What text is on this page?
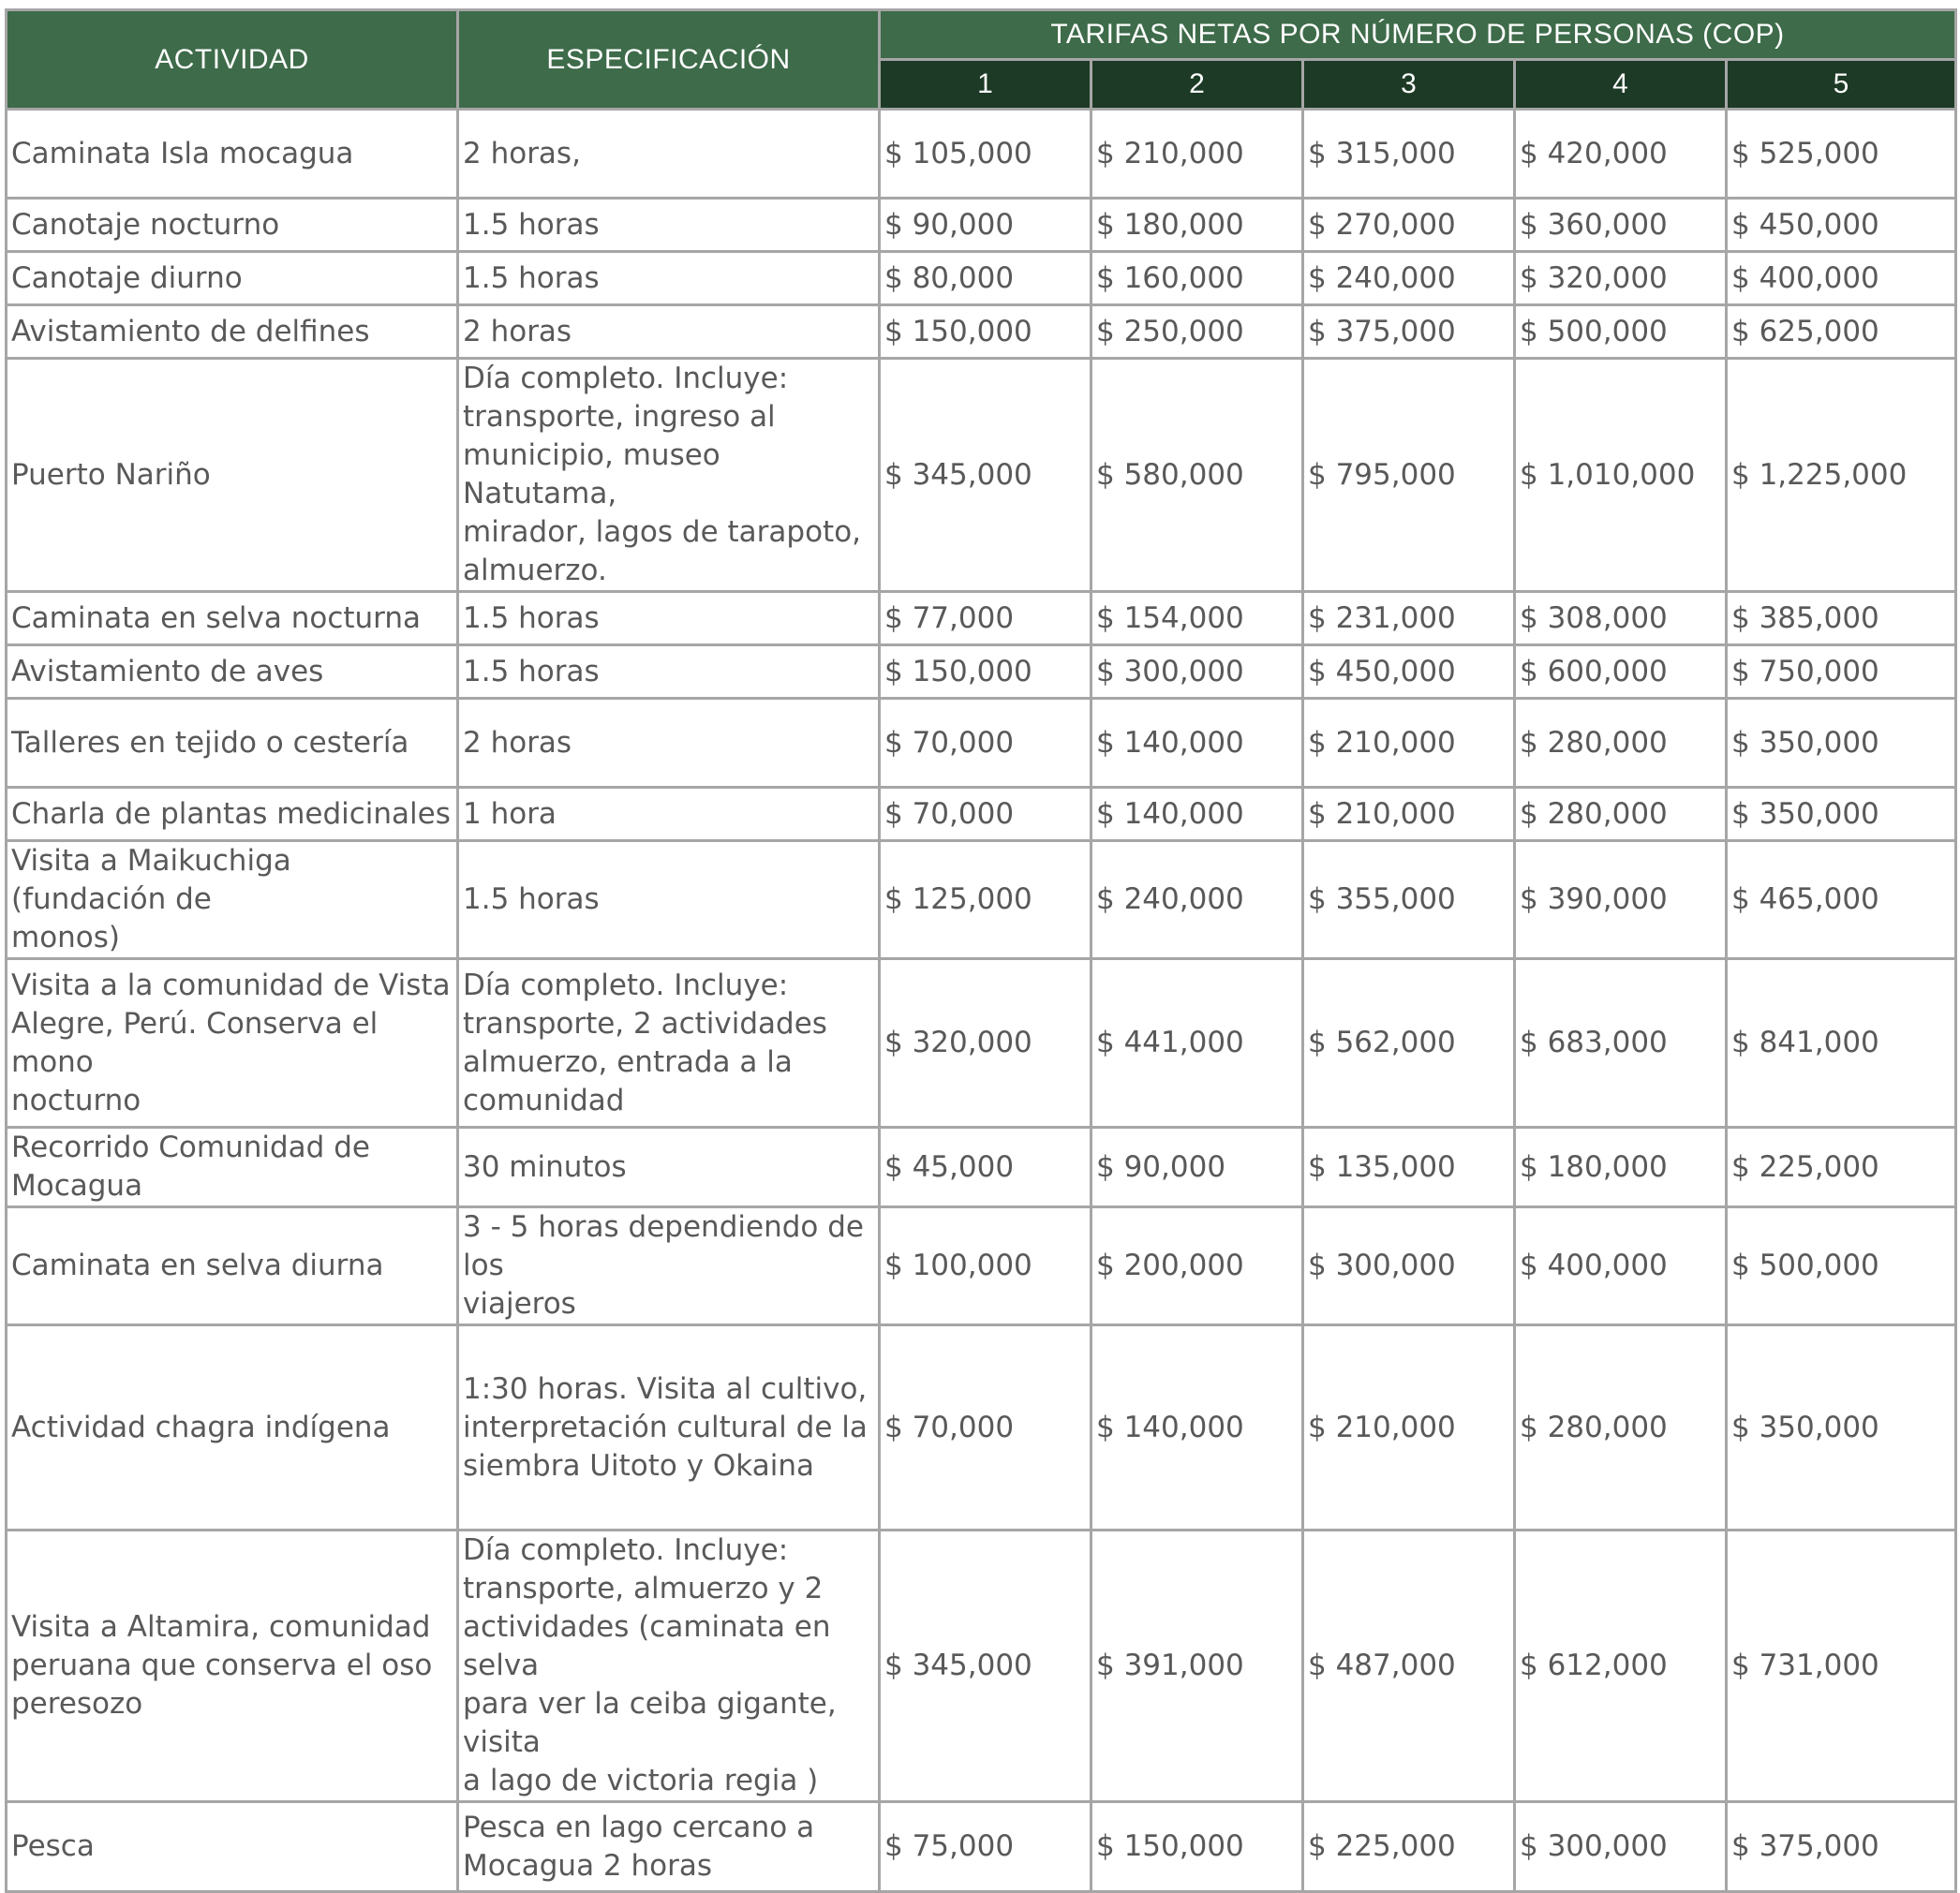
ACTIVIDAD	ESPECIFICACIÓN	TARIFAS NETAS POR NÚMERO DE PERSONAS (COP)				
		1	2	3	4	5
Caminata Isla mocagua	2 horas,	$ 105,000	$ 210,000	$ 315,000	$ 420,000	$ 525,000
Canotaje nocturno	1.5 horas	$ 90,000	$ 180,000	$ 270,000	$ 360,000	$ 450,000
Canotaje diurno	1.5 horas	$ 80,000	$ 160,000	$ 240,000	$ 320,000	$ 400,000
Avistamiento de delfines	2 horas	$ 150,000	$ 250,000	$ 375,000	$ 500,000	$ 625,000
Puerto Nariño	Día completo. Incluye:
transporte, ingreso al
municipio, museo Natutama,
mirador, lagos de tarapoto,
almuerzo.	$ 345,000	$ 580,000	$ 795,000	$ 1,010,000	$ 1,225,000
Caminata en selva nocturna	1.5 horas	$ 77,000	$ 154,000	$ 231,000	$ 308,000	$ 385,000
Avistamiento de aves	1.5 horas	$ 150,000	$ 300,000	$ 450,000	$ 600,000	$ 750,000
Talleres en tejido o cestería	2 horas	$ 70,000	$ 140,000	$ 210,000	$ 280,000	$ 350,000
Charla de plantas medicinales	1 hora	$ 70,000	$ 140,000	$ 210,000	$ 280,000	$ 350,000
Visita a Maikuchiga (fundación de
monos)	1.5 horas	$ 125,000	$ 240,000	$ 355,000	$ 390,000	$ 465,000
Visita a la comunidad de Vista
Alegre, Perú. Conserva el mono
nocturno	Día completo. Incluye:
transporte, 2 actividades
almuerzo, entrada a la
comunidad	$ 320,000	$ 441,000	$ 562,000	$ 683,000	$ 841,000
Recorrido Comunidad de Mocagua	30 minutos	$ 45,000	$ 90,000	$ 135,000	$ 180,000	$ 225,000
Caminata en selva diurna	3 - 5 horas dependiendo de los
viajeros	$ 100,000	$ 200,000	$ 300,000	$ 400,000	$ 500,000
Actividad chagra indígena	1:30 horas. Visita al cultivo,
interpretación cultural de la
siembra Uitoto y Okaina	$ 70,000	$ 140,000	$ 210,000	$ 280,000	$ 350,000
Visita a Altamira, comunidad
peruana que conserva el oso
peresozo	Día completo. Incluye:
transporte, almuerzo y 2
actividades (caminata en selva
para ver la ceiba gigante, visita
a lago de victoria regia )	$ 345,000	$ 391,000	$ 487,000	$ 612,000	$ 731,000
Pesca	Pesca en lago cercano a
Mocagua 2 horas	$ 75,000	$ 150,000	$ 225,000	$ 300,000	$ 375,000
